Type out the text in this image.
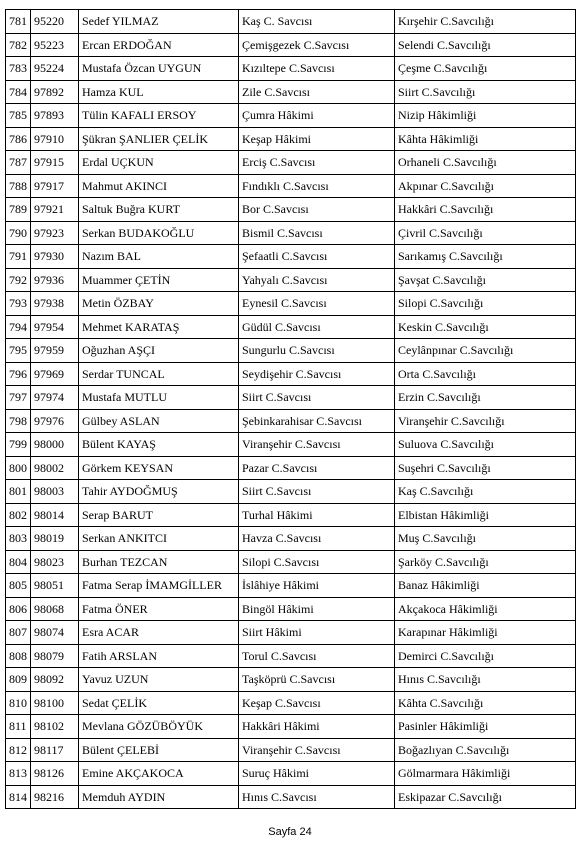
781	95220	Sedef YILMAZ	Kaş C. Savcısı	Kırşehir C.Savcılığı
782	95223	Ercan ERDOĞAN	Çemişgezek C.Savcısı	Selendi C.Savcılığı
783	95224	Mustafa Özcan UYGUN	Kızıltepe C.Savcısı	Çeşme C.Savcılığı
784	97892	Hamza KUL	Zile C.Savcısı	Siirt C.Savcılığı
785	97893	Tülin KAFALI ERSOY	Çumra Hâkimi	Nizip Hâkimliği
786	97910	Şükran ŞANLIER ÇELİK	Keşap Hâkimi	Kâhta Hâkimliği
787	97915	Erdal UÇKUN	Erciş C.Savcısı	Orhaneli C.Savcılığı
788	97917	Mahmut AKINCI	Fındıklı C.Savcısı	Akpınar C.Savcılığı
789	97921	Saltuk Buğra KURT	Bor C.Savcısı	Hakkâri C.Savcılığı
790	97923	Serkan BUDAKOĞLU	Bismil C.Savcısı	Çivril C.Savcılığı
791	97930	Nazım BAL	Şefaatli C.Savcısı	Sarıkamış C.Savcılığı
792	97936	Muammer ÇETİN	Yahyalı C.Savcısı	Şavşat C.Savcılığı
793	97938	Metin ÖZBAY	Eynesil C.Savcısı	Silopi C.Savcılığı
794	97954	Mehmet KARATAŞ	Güdül C.Savcısı	Keskin C.Savcılığı
795	97959	Oğuzhan AŞÇI	Sungurlu C.Savcısı	Ceylânpınar C.Savcılığı
796	97969	Serdar TUNCAL	Seydişehir C.Savcısı	Orta C.Savcılığı
797	97974	Mustafa MUTLU	Siirt C.Savcısı	Erzin C.Savcılığı
798	97976	Gülbey ASLAN	Şebinkarahisar C.Savcısı	Viranşehir C.Savcılığı
799	98000	Bülent KAYAŞ	Viranşehir C.Savcısı	Suluova C.Savcılığı
800	98002	Görkem KEYSAN	Pazar C.Savcısı	Suşehri C.Savcılığı
801	98003	Tahir AYDOĞMUŞ	Siirt C.Savcısı	Kaş C.Savcılığı
802	98014	Serap BARUT	Turhal Hâkimi	Elbistan Hâkimliği
803	98019	Serkan ANKITCI	Havza C.Savcısı	Muş C.Savcılığı
804	98023	Burhan TEZCAN	Silopi C.Savcısı	Şarköy C.Savcılığı
805	98051	Fatma Serap İMAMGİLLER	İslâhiye Hâkimi	Banaz Hâkimliği
806	98068	Fatma ÖNER	Bingöl Hâkimi	Akçakoca Hâkimliği
807	98074	Esra ACAR	Siirt Hâkimi	Karapınar Hâkimliği
808	98079	Fatih ARSLAN	Torul C.Savcısı	Demirci C.Savcılığı
809	98092	Yavuz UZUN	Taşköprü C.Savcısı	Hınıs C.Savcılığı
810	98100	Sedat ÇELİK	Keşap C.Savcısı	Kâhta C.Savcılığı
811	98102	Mevlana GÖZÜBÖYÜK	Hakkâri Hâkimi	Pasinler Hâkimliği
812	98117	Bülent ÇELEBİ	Viranşehir C.Savcısı	Boğazlıyan C.Savcılığı
813	98126	Emine AKÇAKOCA	Suruç Hâkimi	Gölmarmara Hâkimliği
814	98216	Memduh AYDIN	Hınıs C.Savcısı	Eskipazar C.Savcılığı
Sayfa 24
